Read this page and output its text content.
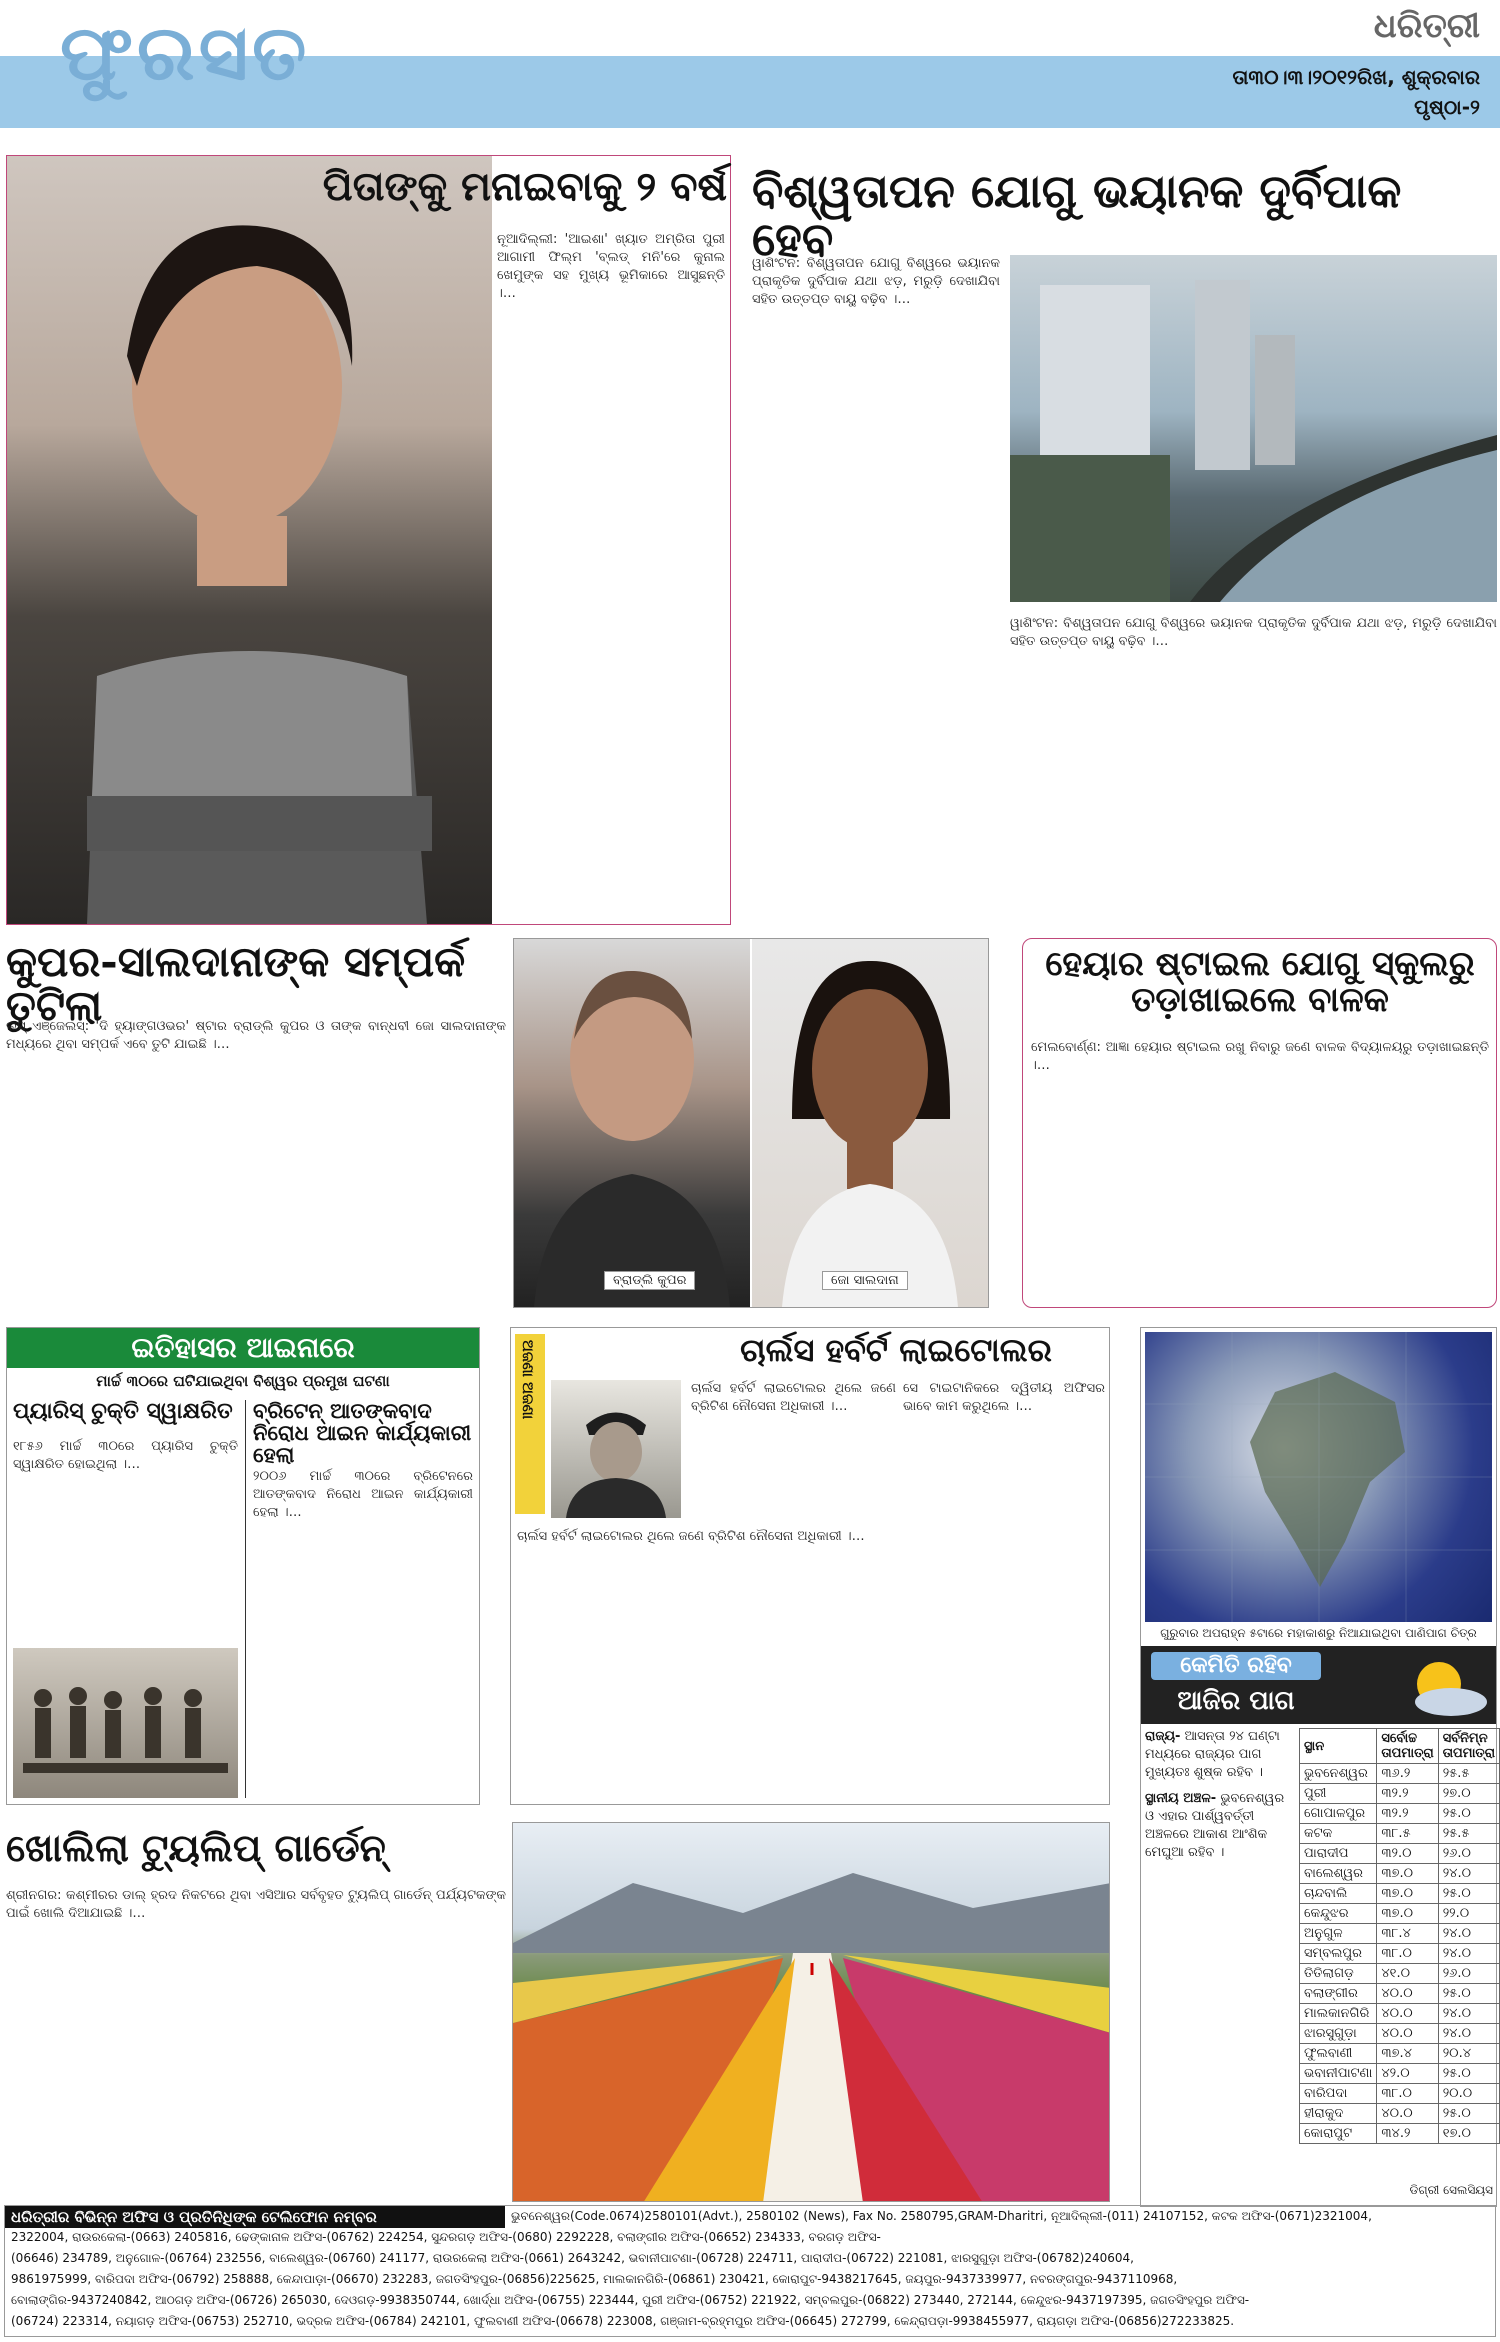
ଫୁରସତ	ଧରିତ୍ରୀ
ତା୩୦।୩।୨୦୧୨ରିଖ, ଶୁକ୍ରବାର
ପୃଷ୍ଠା-୨
ପିତାଙ୍କୁ ମନାଇବାକୁ ୨ ବର୍ଷ
ନୂଆଦିଲ୍ଲୀ: 'ଆଇଶା' ଖ୍ୟାତ ଅମ୍ରିତା ପୁରୀ ଆଗାମୀ ଫିଲ୍ମ 'ବ୍ଲଡ୍ ମନି'ରେ କୁନାଲ ଖେମୁଙ୍କ ସହ ମୁଖ୍ୟ ଭୂମିକାରେ ଆସୁଛନ୍ତି ।…
ବିଶ୍ୱତାପନ ଯୋଗୁ ଭୟାନକ ଦୁର୍ବିପାକ ହେବ
ୱାଶିଂଟନ: ବିଶ୍ୱତାପନ ଯୋଗୁ ବିଶ୍ୱରେ ଭୟାନକ ପ୍ରାକୃତିକ ଦୁର୍ବିପାକ ଯଥା ଝଡ଼, ମରୁଡ଼ି ଦେଖାଯିବା ସହିତ ଉତ୍ତପ୍ତ ବାୟୁ ବଢ଼ିବ ।…
ୱାଶିଂଟନ: ବିଶ୍ୱତାପନ ଯୋଗୁ ବିଶ୍ୱରେ ଭୟାନକ ପ୍ରାକୃତିକ ଦୁର୍ବିପାକ ଯଥା ଝଡ଼, ମରୁଡ଼ି ଦେଖାଯିବା ସହିତ ଉତ୍ତପ୍ତ ବାୟୁ ବଢ଼ିବ ।…
କୁପର-ସାଲଦାନାଙ୍କ ସମ୍ପର୍କ ତୁଟିଲା
ଲସ୍ ଏଞ୍ଜେଲସ୍: 'ଦି ହ୍ୟାଙ୍ଗଓଭର' ଷ୍ଟାର ବ୍ରାଡ୍ଲି କୁପର ଓ ତାଙ୍କ ବାନ୍ଧବୀ ଜୋ ସାଲଦାନାଙ୍କ ମଧ୍ୟରେ ଥିବା ସମ୍ପର୍କ ଏବେ ତୁଟି ଯାଇଛି ।…
ବ୍ରାଡ୍ଲି କୁପର	ଜୋ ସାଲଦାନା
ହେୟାର ଷ୍ଟାଇଲ ଯୋଗୁ ସ୍କୁଲରୁ ତଡ଼ାଖାଇଲେ ବାଳକ
ମେଲବୋର୍ଣ୍ଣ: ଆଜ୍ଞା ହେୟାର ଷ୍ଟାଇଲ ରଖୁ ନିବାରୁ ଜଣେ ବାଳକ ବିଦ୍ୟାଳୟରୁ ତଡ଼ାଖାଇଛନ୍ତି ।…
ଇତିହାସର ଆଇନାରେ
ମାର୍ଚ୍ଚ ୩୦ରେ ଘଟିଯାଇଥିବା ବିଶ୍ୱର ପ୍ରମୁଖ ଘଟଣା
ପ୍ୟାରିସ୍ ଚୁକ୍ତି ସ୍ୱାକ୍ଷରିତ
୧୮୫୬ ମାର୍ଚ୍ଚ ୩୦ରେ ପ୍ୟାରିସ ଚୁକ୍ତି ସ୍ୱାକ୍ଷରିତ ହୋଇଥିଲା ।…
ବ୍ରିଟେନ୍ ଆତଙ୍କବାଦ ନିରୋଧ ଆଇନ କାର୍ଯ୍ୟକାରୀ ହେଲା
୨୦୦୬ ମାର୍ଚ୍ଚ ୩୦ରେ ବ୍ରିଟେନରେ ଆତଙ୍କବାଦ ନିରୋଧ ଆଇନ କାର୍ଯ୍ୟକାରୀ ହେଲା ।…
ଅଜଣା ଅଜଣା	ଚାର୍ଲସ ହର୍ବର୍ଟ ଲାଇଟୋଲର
ଚାର୍ଲସ ହର୍ବର୍ଟ ଲାଇଟୋଲର ଥିଲେ ଜଣେ ବ୍ରିଟିଶ ନୌସେନା ଅଧିକାରୀ ।…
ଚାର୍ଲସ ହର୍ବର୍ଟ ଲାଇଟୋଲର ଥିଲେ ଜଣେ ବ୍ରିଟିଶ ନୌସେନା ଅଧିକାରୀ ।…
ସେ ଟାଇଟାନିକରେ ଦ୍ୱିତୀୟ ଅଫିସର ଭାବେ କାମ କରୁଥିଲେ ।…
ଗୁରୁବାର ଅପରାହ୍ନ ୫ଟାରେ ମହାକାଶରୁ ନିଆଯାଇଥିବା ପାଣିପାଗ ଚିତ୍ର
କେମିତି ରହିବ
ଆଜିର ପାଗ
ରାଜ୍ୟ- ଆସନ୍ତା ୨୪ ଘଣ୍ଟା ମଧ୍ୟରେ ରାଜ୍ୟର ପାଗ ମୁଖ୍ୟତଃ ଶୁଷ୍କ ରହିବ ।
ସ୍ଥାନୀୟ ଅଞ୍ଚଳ- ଭୁବନେଶ୍ୱର ଓ ଏହାର ପାର୍ଶ୍ୱବର୍ତ୍ତୀ ଅଞ୍ଚଳରେ ଆକାଶ ଆଂଶିକ ମେଘୁଆ ରହିବ ।
ସ୍ଥାନ	ସର୍ବୋଚ୍ଚ ତାପମାତ୍ରା	ସର୍ବନିମ୍ନ ତାପମାତ୍ରା
ଭୁବନେଶ୍ୱର	୩୬.୨	୨୫.୫
ପୁରୀ	୩୨.୨	୨୭.୦
ଗୋପାଳପୁର	୩୨.୨	୨୫.୦
କଟକ	୩୮.୫	୨୫.୫
ପାରାଦୀପ	୩୨.୦	୨୬.୦
ବାଲେଶ୍ୱର	୩୭.୦	୨୪.୦
ଚାନ୍ଦବାଲି	୩୭.୦	୨୫.୦
କେନ୍ଦୁଝର	୩୭.୦	୨୨.୦
ଅନୁଗୁଳ	୩୮.୪	୨୪.୦
ସମ୍ବଲପୁର	୩୮.୦	୨୪.୦
ତିତିଲାଗଡ଼	୪୧.୦	୨୬.୦
ବଲାଙ୍ଗୀର	୪୦.୦	୨୫.୦
ମାଲକାନଗିରି	୪୦.୦	୨୪.୦
ଝାରସୁଗୁଡ଼ା	୪୦.୦	୨୪.୦
ଫୁଲବାଣୀ	୩୭.୪	୨୦.୪
ଭବାନୀପାଟଣା	୪୨.୦	୨୫.୦
ବାରିପଦା	୩୮.୦	୨୦.୦
ହୀରାକୁଦ	୪୦.୦	୨୫.୦
କୋରାପୁଟ	୩୪.୨	୧୭.୦
ଡିଗ୍ରୀ ସେଲସିୟସ
ଖୋଲିଲା ଟ୍ୟୁଲିପ୍ ଗାର୍ଡେନ୍
ଶ୍ରୀନଗର: କଶ୍ମୀରର ଡାଲ୍ ହ୍ରଦ ନିକଟରେ ଥିବା ଏସିଆର ସର୍ବବୃହତ ଟ୍ୟୁଲିପ୍ ଗାର୍ଡେନ୍ ପର୍ଯ୍ୟଟକଙ୍କ ପାଇଁ ଖୋଲି ଦିଆଯାଇଛି ।…
ଧରିତ୍ରୀର ବିଭିନ୍ନ ଅଫିସ ଓ ପ୍ରତିନିଧିଙ୍କ ଟେଲିଫୋନ ନମ୍ବର	ଭୁବନେଶ୍ୱର(Code.0674)2580101(Advt.), 2580102 (News), Fax No. 2580795,GRAM-Dharitri, ନୂଆଦିଲ୍ଲୀ-(011) 24107152, କଟକ ଅଫିସ-(0671)2321004,
2322004, ରାଉରକେଲା-(0663) 2405816, ଢେଙ୍କାନାଳ ଅଫିସ-(06762) 224254, ସୁନ୍ଦରଗଡ଼ ଅଫିସ-(0680) 2292228, ବଲାଙ୍ଗୀର ଅଫିସ-(06652) 234333, ବରଗଡ଼ ଅଫିସ-
(06646) 234789, ଅନୁଗୋଳ-(06764) 232556, ବାଲେଶ୍ୱର-(06760) 241177, ରାଉରକେଲା ଅଫିସ-(0661) 2643242, ଭବାନୀପାଟଣା-(06728) 224711, ପାରାଦୀପ-(06722) 221081, ଝାରସୁଗୁଡ଼ା ଅଫିସ-(06782)240604,
9861975999, ବାରିପଦା ଅଫିସ-(06792) 258888, କେନ୍ଦାପାଡ଼ା-(06670) 232283, ଜଗତସିଂହପୁର-(06856)225625, ମାଲକାନଗିରି-(06861) 230421, କୋରାପୁଟ-9438217645, ଜୟପୁର-9437339977, ନବରଙ୍ଗପୁର-9437110968,
ବୋଲାଙ୍ଗିର-9437240842, ଆଠଗଡ଼ ଅଫିସ-(06726) 265030, ଦେଓଗଡ଼-9938350744, ଖୋର୍ଦ୍ଧା ଅଫିସ-(06755) 223444, ପୁରୀ ଅଫିସ-(06752) 221922, ସମ୍ବଲପୁର-(06822) 273440, 272144, କେନ୍ଦୁଝର-9437197395, ଜଗତସିଂହପୁର ଅଫିସ-
(06724) 223314, ନୟାଗଡ଼ ଅଫିସ-(06753) 252710, ଭଦ୍ରକ ଅଫିସ-(06784) 242101, ଫୁଲବାଣୀ ଅଫିସ-(06678) 223008, ଗଞ୍ଜାମ-ବ୍ରହ୍ମପୁର ଅଫିସ-(06645) 272799, କେନ୍ଦ୍ରାପଡ଼ା-9938455977, ରାୟଗଡ଼ା ଅଫିସ-(06856)272233825.
